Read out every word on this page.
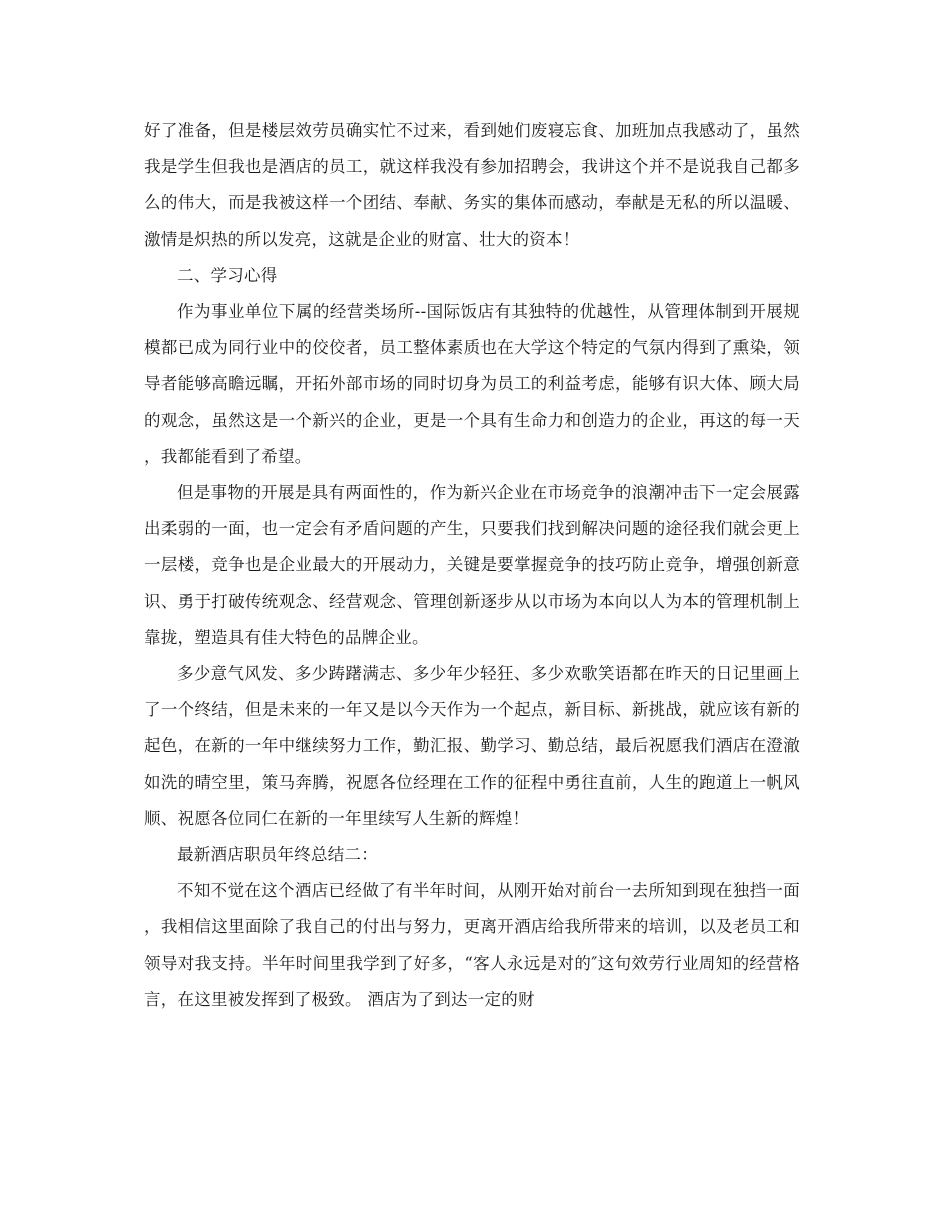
好了准备，但是楼层效劳员确实忙不过来，看到她们废寝忘食、加班加点我感动了，虽然我是学生但我也是酒店的员工，就这样我没有参加招聘会，我讲这个并不是说我自己都多么的伟大，而是我被这样一个团结、奉献、务实的集体而感动，奉献是无私的所以温暖、激情是炽热的所以发亮，这就是企业的财富、壮大的资本！

二、学习心得

作为事业单位下属的经营类场所--国际饭店有其独特的优越性，从管理体制到开展规模都已成为同行业中的佼佼者，员工整体素质也在大学这个特定的气氛内得到了熏染，领导者能够高瞻远瞩，开拓外部市场的同时切身为员工的利益考虑，能够有识大体、顾大局的观念，虽然这是一个新兴的企业，更是一个具有生命力和创造力的企业，再这的每一天，我都能看到了希望。

但是事物的开展是具有两面性的，作为新兴企业在市场竞争的浪潮冲击下一定会展露出柔弱的一面，也一定会有矛盾问题的产生，只要我们找到解决问题的途径我们就会更上一层楼，竞争也是企业最大的开展动力，关键是要掌握竞争的技巧防止竞争，增强创新意识、勇于打破传统观念、经营观念、管理创新逐步从以市场为本向以人为本的管理机制上靠拢，塑造具有佳大特色的品牌企业。

多少意气风发、多少踌躇满志、多少年少轻狂、多少欢歌笑语都在昨天的日记里画上了一个终结，但是未来的一年又是以今天作为一个起点，新目标、新挑战，就应该有新的起色，在新的一年中继续努力工作，勤汇报、勤学习、勤总结，最后祝愿我们酒店在澄澈如洗的晴空里，策马奔腾，祝愿各位经理在工作的征程中勇往直前，人生的跑道上一帆风顺、祝愿各位同仁在新的一年里续写人生新的辉煌！

最新酒店职员年终总结二：

不知不觉在这个酒店已经做了有半年时间，从刚开始对前台一去所知到现在独挡一面，我相信这里面除了我自己的付出与努力，更离开酒店给我所带来的培训，以及老员工和领导对我支持。半年时间里我学到了好多，“客人永远是对的″这句效劳行业周知的经营格言，在这里被发挥到了极致。 酒店为了到达一定的财
